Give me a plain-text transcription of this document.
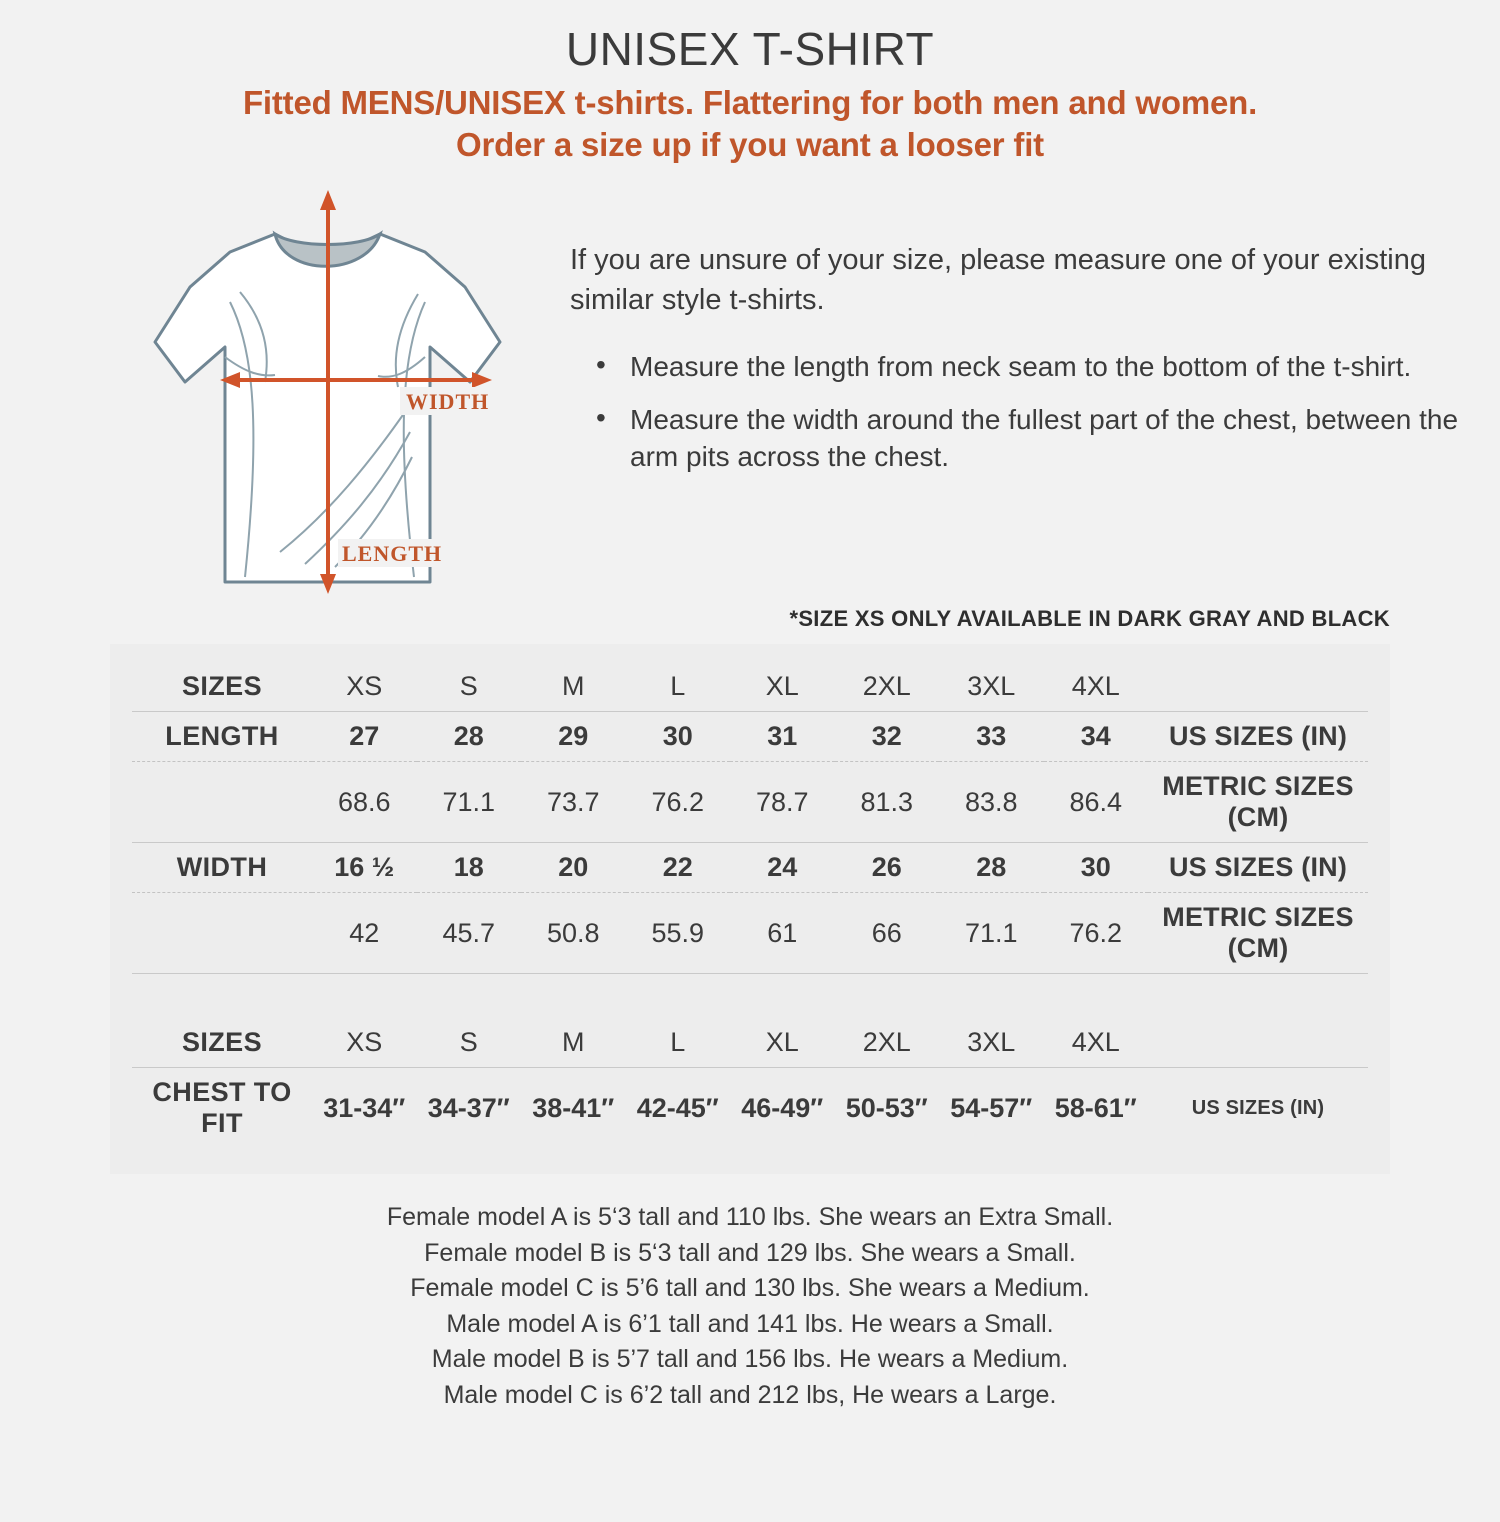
UNISEX T-SHIRT
Fitted MENS/UNISEX t-shirts. Flattering for both men and women.
Order a size up if you want a looser fit
WIDTH
LENGTH

If you are unsure of your size, please measure one of your existing similar style t-shirts.

• Measure the length from neck seam to the bottom of the t-shirt.
• Measure the width around the fullest part of the chest, between the arm pits across the chest.
*SIZE XS ONLY AVAILABLE IN DARK GRAY AND BLACK
SIZES	XS	S	M	L	XL	2XL	3XL	4XL	
LENGTH	27	28	29	30	31	32	33	34	US SIZES (IN)
	68.6	71.1	73.7	76.2	78.7	81.3	83.8	86.4	METRIC SIZES (CM)
WIDTH	16 ½	18	20	22	24	26	28	30	US SIZES (IN)
	42	45.7	50.8	55.9	61	66	71.1	76.2	METRIC SIZES (CM)

SIZES	XS	S	M	L	XL	2XL	3XL	4XL	
CHEST TO FIT	31-34″	34-37″	38-41″	42-45″	46-49″	50-53″	54-57″	58-61″	US SIZES (IN)
Female model A is 5‘3 tall and 110 lbs. She wears an Extra Small.
Female model B is 5‘3 tall and 129 lbs. She wears a Small.
Female model C is 5’6 tall and 130 lbs. She wears a Medium.
Male model A is 6’1 tall and 141 lbs. He wears a Small.
Male model B is 5’7 tall and 156 lbs. He wears a Medium.
Male model C is 6’2 tall and 212 lbs, He wears a Large.
